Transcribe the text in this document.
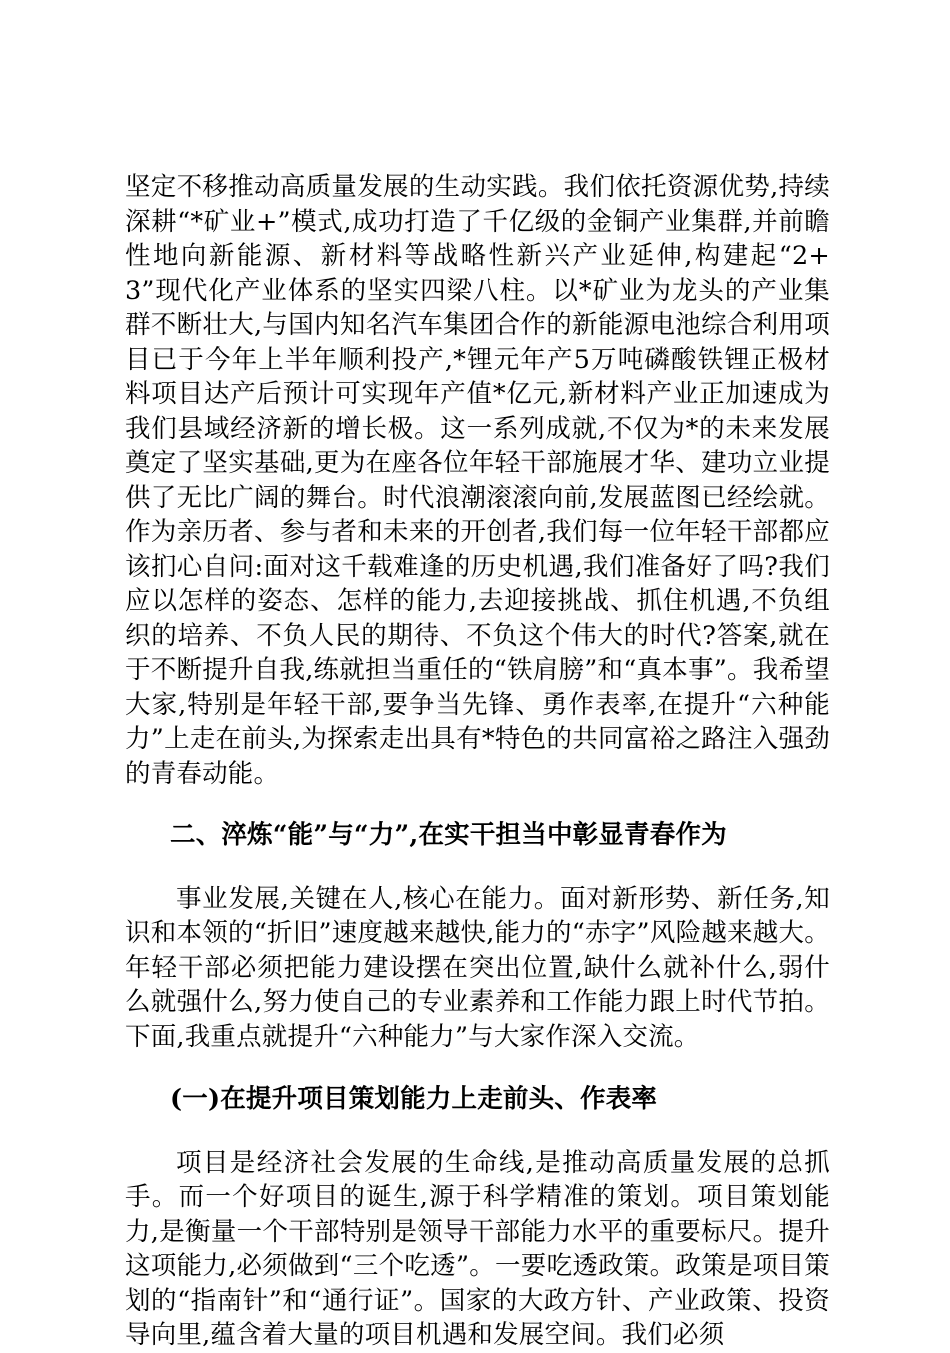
坚定不移推动高质量发展的生动实践。我们依托资源优势,持续深耕“*矿业+”模式,成功打造了千亿级的金铜产业集群,并前瞻性地向新能源、新材料等战略性新兴产业延伸,构建起“2+3”现代化产业体系的坚实四梁八柱。以*矿业为龙头的产业集群不断壮大,与国内知名汽车集团合作的新能源电池综合利用项目已于今年上半年顺利投产,*锂元年产5万吨磷酸铁锂正极材料项目达产后预计可实现年产值*亿元,新材料产业正加速成为我们县域经济新的增长极。这一系列成就,不仅为*的未来发展奠定了坚实基础,更为在座各位年轻干部施展才华、建功立业提供了无比广阔的舞台。时代浪潮滚滚向前,发展蓝图已经绘就。作为亲历者、参与者和未来的开创者,我们每一位年轻干部都应该扪心自问:面对这千载难逢的历史机遇,我们准备好了吗?我们应以怎样的姿态、怎样的能力,去迎接挑战、抓住机遇,不负组织的培养、不负人民的期待、不负这个伟大的时代?答案,就在于不断提升自我,练就担当重任的“铁肩膀”和“真本事”。我希望大家,特别是年轻干部,要争当先锋、勇作表率,在提升“六种能力”上走在前头,为探索走出具有*特色的共同富裕之路注入强劲的青春动能。

二、淬炼“能”与“力”,在实干担当中彰显青春作为

事业发展,关键在人,核心在能力。面对新形势、新任务,知识和本领的“折旧”速度越来越快,能力的“赤字”风险越来越大。年轻干部必须把能力建设摆在突出位置,缺什么就补什么,弱什么就强什么,努力使自己的专业素养和工作能力跟上时代节拍。下面,我重点就提升“六种能力”与大家作深入交流。

(一)在提升项目策划能力上走前头、作表率

项目是经济社会发展的生命线,是推动高质量发展的总抓手。而一个好项目的诞生,源于科学精准的策划。项目策划能力,是衡量一个干部特别是领导干部能力水平的重要标尺。提升这项能力,必须做到“三个吃透”。一要吃透政策。政策是项目策划的“指南针”和“通行证”。国家的大政方针、产业政策、投资导向里,蕴含着大量的项目机遇和发展空间。我们必须
